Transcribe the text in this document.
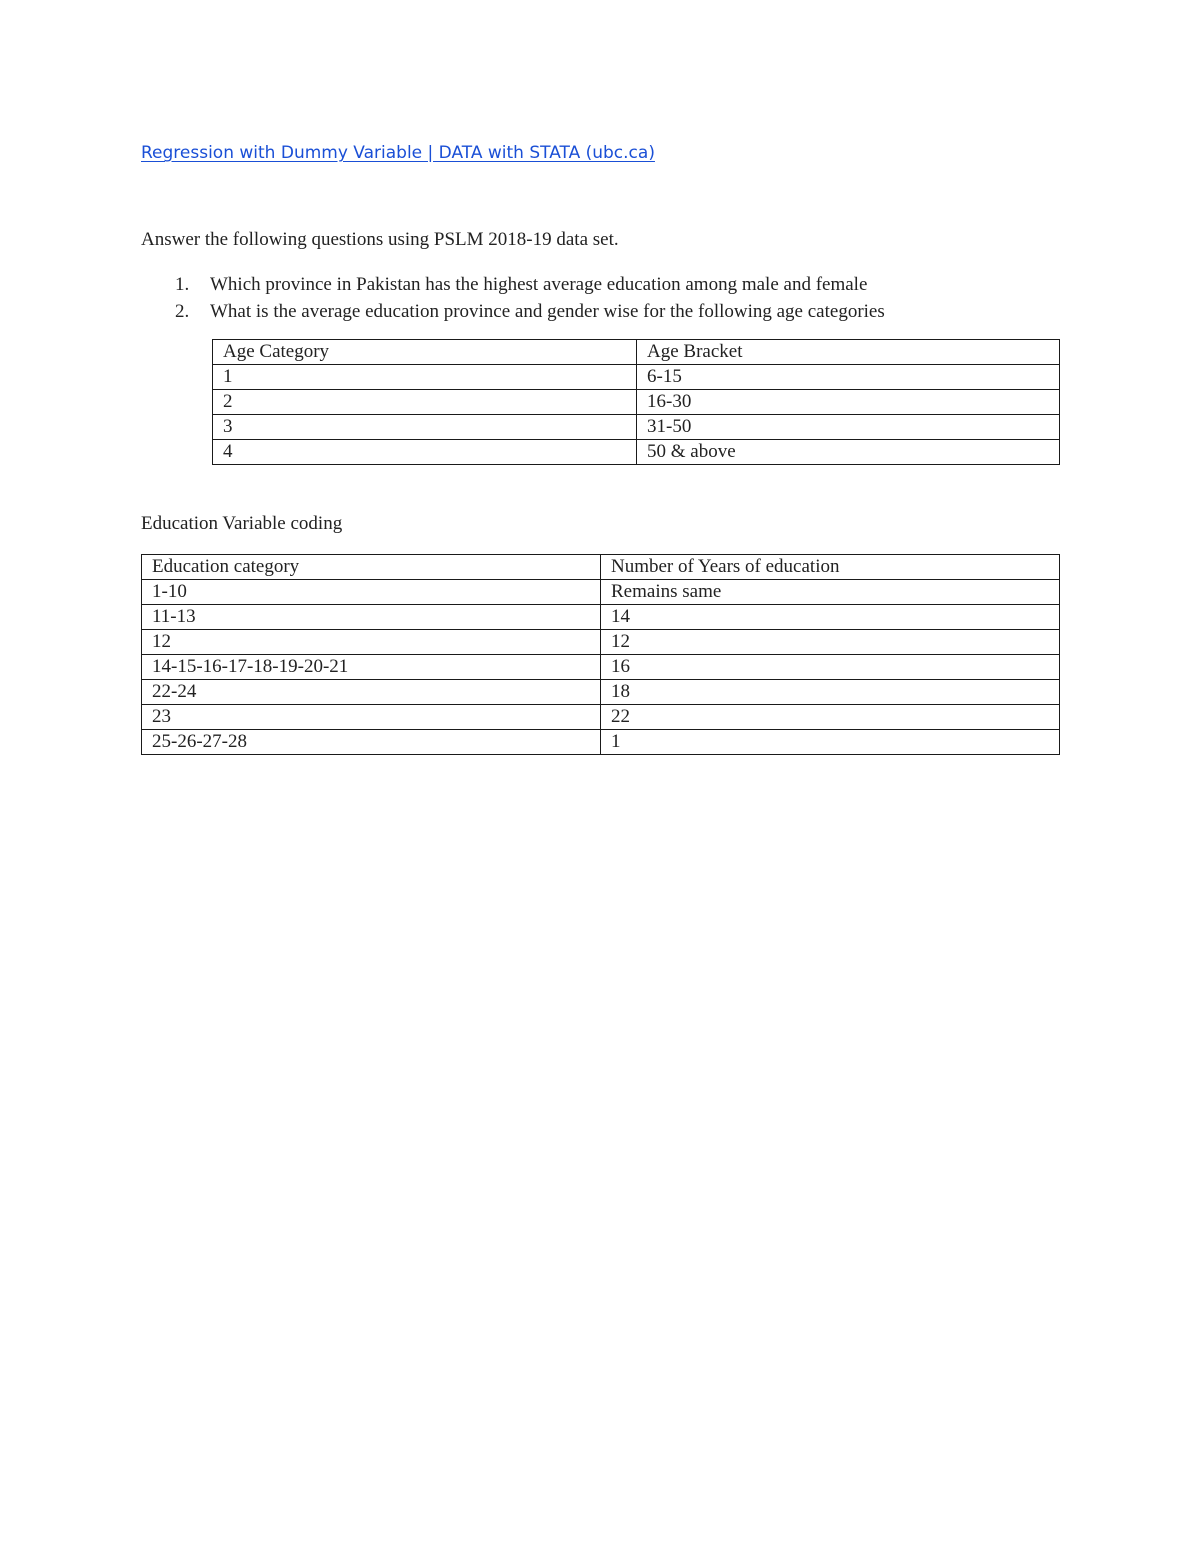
Regression with Dummy Variable | DATA with STATA (ubc.ca)
Answer the following questions using PSLM 2018-19 data set.
1. Which province in Pakistan has the highest average education among male and female
2. What is the average education province and gender wise for the following age categories
Age Category	Age Bracket
1	6-15
2	16-30
3	31-50
4	50 & above
Education Variable coding
Education category	Number of Years of education
1-10	Remains same
11-13	14
12	12
14-15-16-17-18-19-20-21	16
22-24	18
23	22
25-26-27-28	1
